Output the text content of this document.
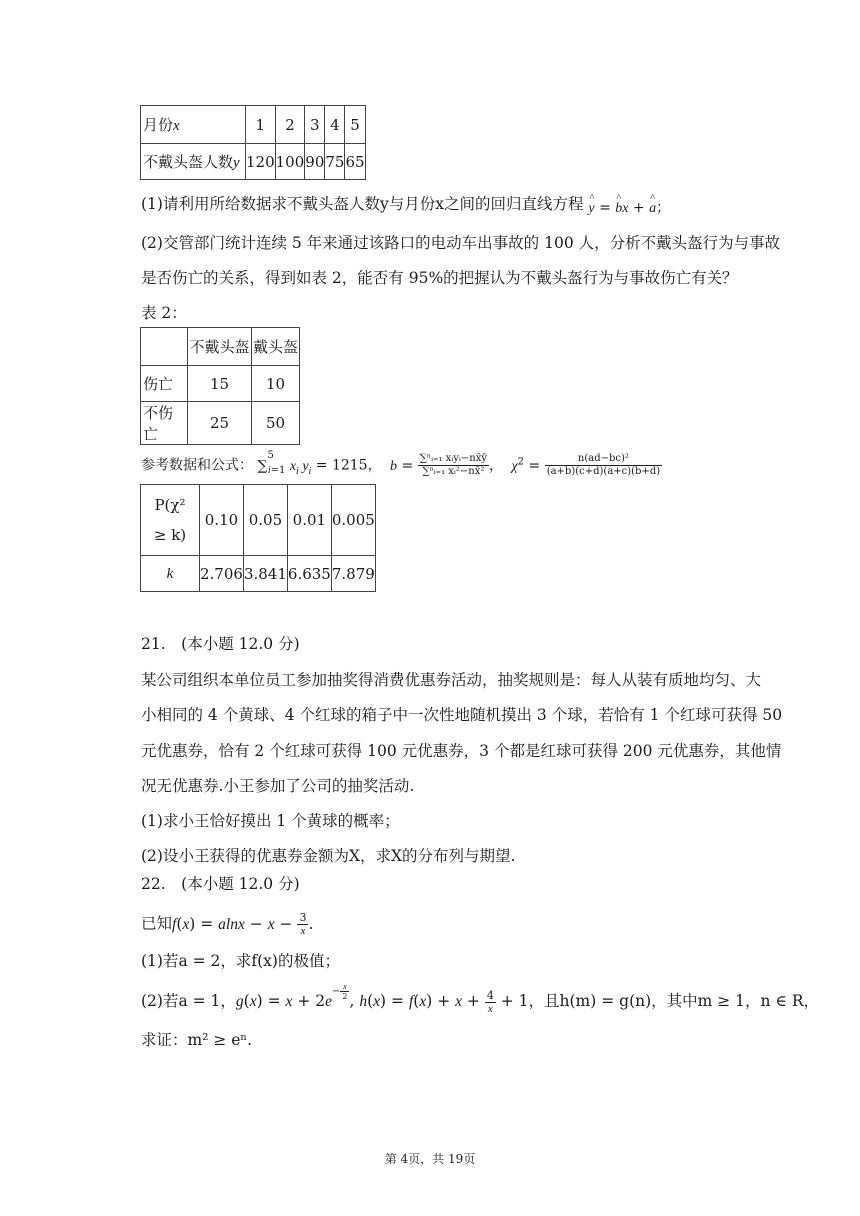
月份x	1	2	3	4	5
不戴头盔人数y	120	100	90	75	65
(1)请利用所给数据求不戴头盔人数y与月份x之间的回归直线方程 ^ y = ^ bx + ^ a；
(2)交管部门统计连续 5 年来通过该路口的电动车出事故的 100 人，分析不戴头盔行为与事故
是否伤亡的关系，得到如表 2，能否有 95%的把握认为不戴头盔行为与事故伤亡有关？
表 2：
	不戴头盔	戴头盔
伤亡	15	10
不伤亡	25	50
参考数据和公式： ∑$^5_{i=1}$ $x_i$ $y_i = 1215$， $b = \frac{\text{∑ⁿᵢ₌₁ xᵢyᵢ−nx̄ȳ}}{\text{∑ⁿᵢ₌₁ xᵢ²−nx̄²}}$ ， $\chi^2 = \frac{\text{n(ad−bc)²}}{(a+b)(c+d)(a+c)(b+d)}$
P(χ²
≥ k)	0.10	0.05	0.01	0.005
k	2.706	3.841	6.635	7.879
21.　(本小题 12.0 分)
某公司组织本单位员工参加抽奖得消费优惠券活动，抽奖规则是：每人从装有质地均匀、大
小相同的 4 个黄球、4 个红球的箱子中一次性地随机摸出 3 个球，若恰有 1 个红球可获得 50
元优惠券，恰有 2 个红球可获得 100 元优惠券，3 个都是红球可获得 200 元优惠券，其他情
况无优惠券.小王参加了公司的抽奖活动.
(1)求小王恰好摸出 1 个黄球的概率；
(2)设小王获得的优惠券金额为X，求X的分布列与期望.
22.　(本小题 12.0 分)
已知$f(x) = alnx - x - \frac{3}{x}$ .
(1)若a = 2，求f(x)的极值；
(2)若a = 1，$g(x) = x + 2e^{- \frac{x}{2}}$
, $h(x) = f(x) + x + \frac{4}{x} + 1$，且h(m) = g(n)，其中m ≥ 1，n ∈ R，
求证：m² ≥ eⁿ.
第 4页，共 19页
